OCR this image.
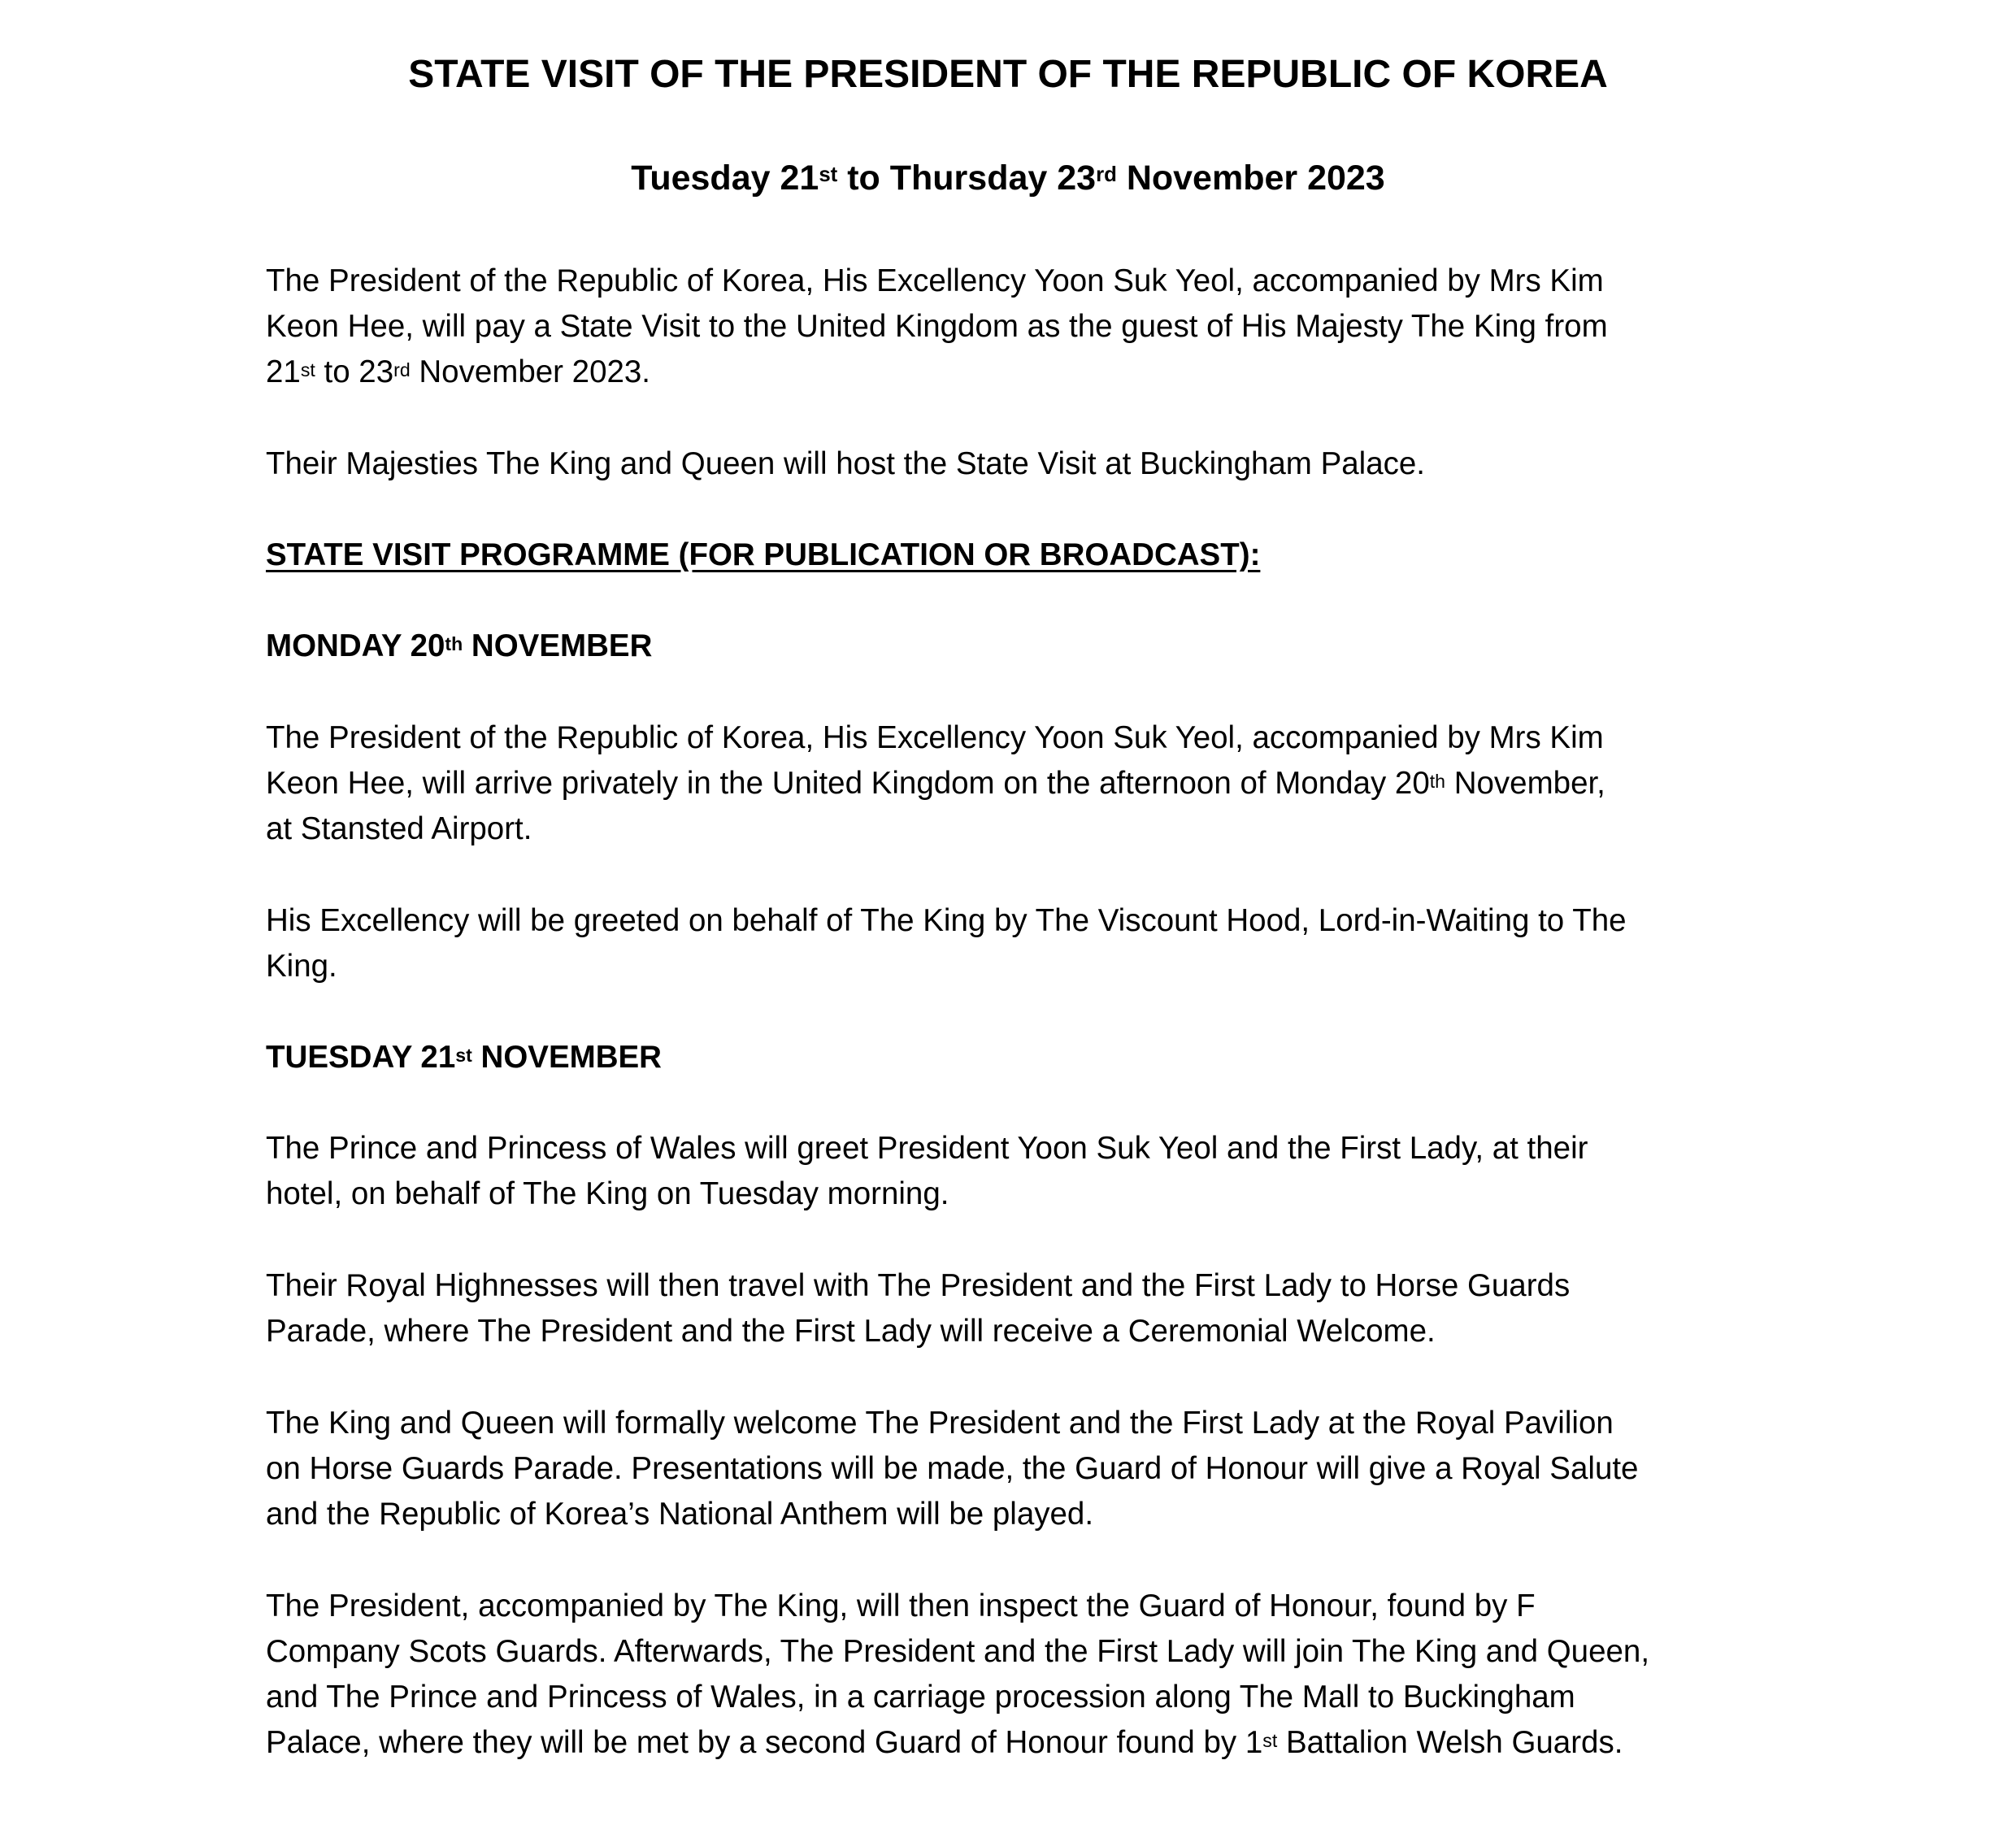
STATE VISIT OF THE PRESIDENT OF THE REPUBLIC OF KOREA
Tuesday 21st to Thursday 23rd November 2023
The President of the Republic of Korea, His Excellency Yoon Suk Yeol, accompanied by Mrs Kim
Keon Hee, will pay a State Visit to the United Kingdom as the guest of His Majesty The King from
21st to 23rd November 2023.
Their Majesties The King and Queen will host the State Visit at Buckingham Palace.
STATE VISIT PROGRAMME (FOR PUBLICATION OR BROADCAST):
MONDAY 20th NOVEMBER
The President of the Republic of Korea, His Excellency Yoon Suk Yeol, accompanied by Mrs Kim
Keon Hee, will arrive privately in the United Kingdom on the afternoon of Monday 20th November,
at Stansted Airport.
His Excellency will be greeted on behalf of The King by The Viscount Hood, Lord-in-Waiting to The
King.
TUESDAY 21st NOVEMBER
The Prince and Princess of Wales will greet President Yoon Suk Yeol and the First Lady, at their
hotel, on behalf of The King on Tuesday morning.
Their Royal Highnesses will then travel with The President and the First Lady to Horse Guards
Parade, where The President and the First Lady will receive a Ceremonial Welcome.
The King and Queen will formally welcome The President and the First Lady at the Royal Pavilion
on Horse Guards Parade. Presentations will be made, the Guard of Honour will give a Royal Salute
and the Republic of Korea’s National Anthem will be played.
The President, accompanied by The King, will then inspect the Guard of Honour, found by F
Company Scots Guards. Afterwards, The President and the First Lady will join The King and Queen,
and The Prince and Princess of Wales, in a carriage procession along The Mall to Buckingham
Palace, where they will be met by a second Guard of Honour found by 1st Battalion Welsh Guards.
